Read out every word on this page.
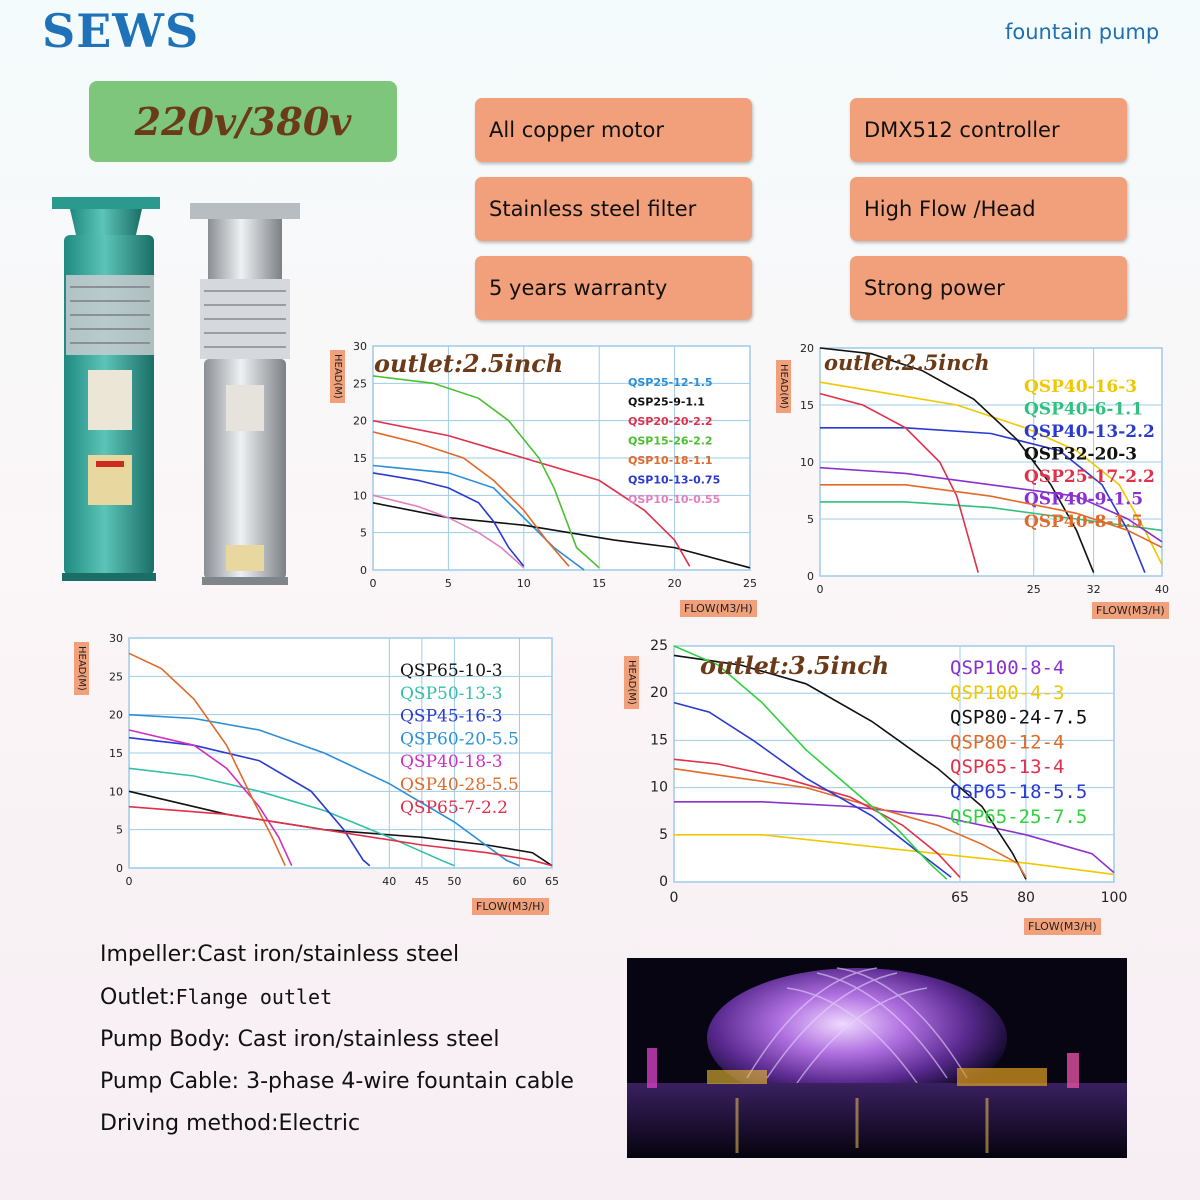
SEWS	fountain pump
220v/380v	All copper motor	DMX512 controller
Stainless steel filter	High Flow /Head
5 years warranty	Strong power
HEAD(M)
0	5	10	15	20	25
0
5
10
15
20
25
30
QSP25-12-1.5
QSP25-9-1.1
QSP20-20-2.2
QSP15-26-2.2
QSP10-18-1.1
QSP10-13-0.75
QSP10-10-0.55
outlet:2.5inch
FLOW(M3/H)
HEAD(M)
0	25	32	40
0
5
10
15
20
QSP40-16-3
QSP40-6-1.1
QSP40-13-2.2
QSP32-20-3
QSP25-17-2.2
QSP40-9-1.5
QSP40-8-1.5
outlet:2.5inch
FLOW(M3/H)
HEAD(M)
0	40 45 50	60 65
0
5
10
15
20
25
30
QSP65-10-3
QSP50-13-3
QSP45-16-3
QSP60-20-5.5
QSP40-18-3
QSP40-28-5.5
QSP65-7-2.2
FLOW(M3/H)
HEAD(M)
0	65	80	100
0
5
10
15
20
25
QSP100-8-4
QSP100-4-3
QSP80-24-7.5
QSP80-12-4
QSP65-13-4
QSP65-18-5.5
QSP65-25-7.5
outlet:3.5inch
FLOW(M3/H)
Impeller:Cast iron/stainless steel
Outlet:Flange outlet
Pump Body: Cast iron/stainless steel
Pump Cable: 3-phase 4-wire fountain cable
Driving method:Electric
